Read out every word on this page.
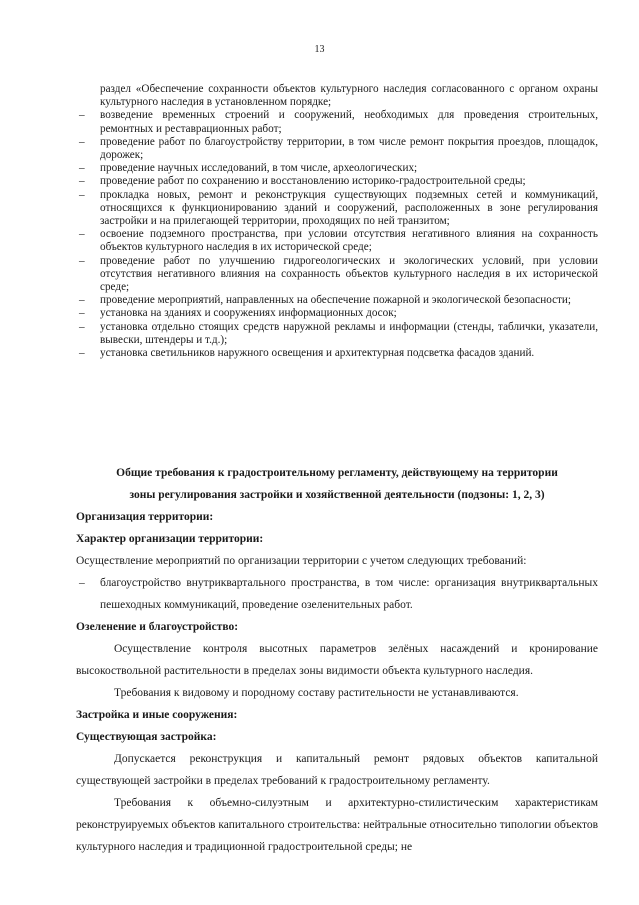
13

раздел «Обеспечение сохранности объектов культурного наследия согласованного с органом охраны культурного наследия в установленном порядке;

– возведение временных строений и сооружений, необходимых для проведения строительных, ремонтных и реставрационных работ;

– проведение работ по благоустройству территории, в том числе ремонт покрытия проездов, площадок, дорожек;

– проведение научных исследований, в том числе, археологических;

– проведение работ по сохранению и восстановлению историко-градостроительной среды;

– прокладка новых, ремонт и реконструкция существующих подземных сетей и коммуникаций, относящихся к функционированию зданий и сооружений, расположенных в зоне регулирования застройки и на прилегающей территории, проходящих по ней транзитом;

– освоение подземного пространства, при условии отсутствия негативного влияния на сохранность объектов культурного наследия в их исторической среде;

– проведение работ по улучшению гидрогеологических и экологических условий, при условии отсутствия негативного влияния на сохранность объектов культурного наследия в их исторической среде;

– проведение мероприятий, направленных на обеспечение пожарной и экологической безопасности;

– установка на зданиях и сооружениях информационных досок;

– установка отдельно стоящих средств наружной рекламы и информации (стенды, таблички, указатели, вывески, штендеры и т.д.);

– установка светильников наружного освещения и архитектурная подсветка фасадов зданий.

Общие требования к градостроительному регламенту, действующему на территории

зоны регулирования застройки и хозяйственной деятельности (подзоны: 1, 2, 3)

Организация территории:

Характер организации территории:

Осуществление мероприятий по организации территории с учетом следующих требований:

– благоустройство внутриквартального пространства, в том числе: организация внутриквартальных пешеходных коммуникаций, проведение озеленительных работ.

Озеленение и благоустройство:

Осуществление контроля высотных параметров зелёных насаждений и кронирование высокоствольной растительности в пределах зоны видимости объекта культурного наследия.

Требования к видовому и породному составу растительности не устанавливаются.

Застройка и иные сооружения:

Существующая застройка:

Допускается реконструкция и капитальный ремонт рядовых объектов капитальной существующей застройки в пределах требований к градостроительному регламенту.

Требования к объемно-силуэтным и архитектурно-стилистическим характеристикам реконструируемых объектов капитального строительства: нейтральные относительно типологии объектов культурного наследия и традиционной градостроительной среды; не
